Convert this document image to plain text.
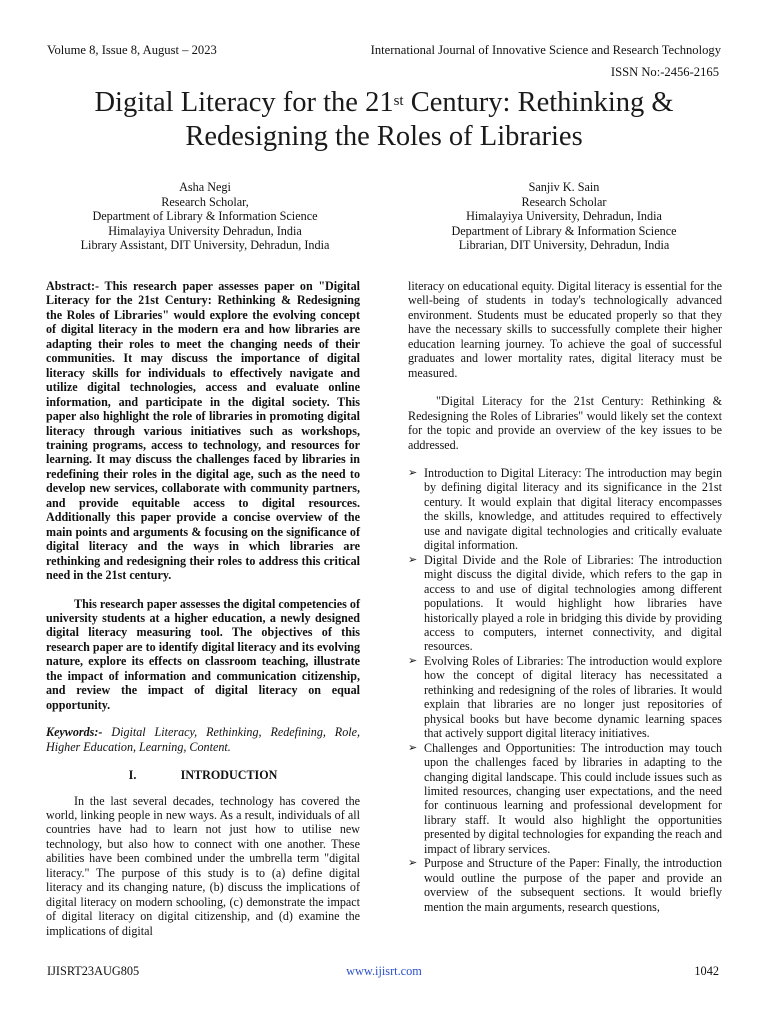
Volume 8, Issue 8, August – 2023	International Journal of Innovative Science and Research Technology
ISSN No:-2456-2165
Digital Literacy for the 21st Century: Rethinking &
Redesigning the Roles of Libraries
Asha Negi
Research Scholar,
Department of Library & Information Science
Himalayiya University Dehradun, India
Library Assistant, DIT University, Dehradun, India
Sanjiv K. Sain
Research Scholar
Himalayiya University, Dehradun, India
Department of Library & Information Science
Librarian, DIT University, Dehradun, India

Abstract:- This research paper assesses paper on "Digital Literacy for the 21st Century: Rethinking & Redesigning the Roles of Libraries" would explore the evolving concept of digital literacy in the modern era and how libraries are adapting their roles to meet the changing needs of their communities. It may discuss the importance of digital literacy skills for individuals to effectively navigate and utilize digital technologies, access and evaluate online information, and participate in the digital society. This paper also highlight the role of libraries in promoting digital literacy through various initiatives such as workshops, training programs, access to technology, and resources for learning. It may discuss the challenges faced by libraries in redefining their roles in the digital age, such as the need to develop new services, collaborate with community partners, and provide equitable access to digital resources. Additionally this paper provide a concise overview of the main points and arguments & focusing on the significance of digital literacy and the ways in which libraries are rethinking and redesigning their roles to address this critical need in the 21st century.

This research paper assesses the digital competencies of university students at a higher education, a newly designed digital literacy measuring tool. The objectives of this research paper are to identify digital literacy and its evolving nature, explore its effects on classroom teaching, illustrate the impact of information and communication citizenship, and review the impact of digital literacy on equal opportunity.

Keywords:- Digital Literacy, Rethinking, Redefining, Role, Higher Education, Learning, Content.

I.	INTRODUCTION

In the last several decades, technology has covered the world, linking people in new ways. As a result, individuals of all countries have had to learn not just how to utilise new technology, but also how to connect with one another. These abilities have been combined under the umbrella term "digital literacy." The purpose of this study is to (a) define digital literacy and its changing nature, (b) discuss the implications of digital literacy on modern schooling, (c) demonstrate the impact of digital literacy on digital citizenship, and (d) examine the implications of digital

literacy on educational equity. Digital literacy is essential for the well-being of students in today's technologically advanced environment. Students must be educated properly so that they have the necessary skills to successfully complete their higher education learning journey. To achieve the goal of successful graduates and lower mortality rates, digital literacy must be measured.

"Digital Literacy for the 21st Century: Rethinking & Redesigning the Roles of Libraries" would likely set the context for the topic and provide an overview of the key issues to be addressed.

➢ Introduction to Digital Literacy: The introduction may begin by defining digital literacy and its significance in the 21st century. It would explain that digital literacy encompasses the skills, knowledge, and attitudes required to effectively use and navigate digital technologies and critically evaluate digital information.
➢ Digital Divide and the Role of Libraries: The introduction might discuss the digital divide, which refers to the gap in access to and use of digital technologies among different populations. It would highlight how libraries have historically played a role in bridging this divide by providing access to computers, internet connectivity, and digital resources.
➢ Evolving Roles of Libraries: The introduction would explore how the concept of digital literacy has necessitated a rethinking and redesigning of the roles of libraries. It would explain that libraries are no longer just repositories of physical books but have become dynamic learning spaces that actively support digital literacy initiatives.
➢ Challenges and Opportunities: The introduction may touch upon the challenges faced by libraries in adapting to the changing digital landscape. This could include issues such as limited resources, changing user expectations, and the need for continuous learning and professional development for library staff. It would also highlight the opportunities presented by digital technologies for expanding the reach and impact of library services.
➢ Purpose and Structure of the Paper: Finally, the introduction would outline the purpose of the paper and provide an overview of the subsequent sections. It would briefly mention the main arguments, research questions,
IJISRT23AUG805	www.ijisrt.com	1042
